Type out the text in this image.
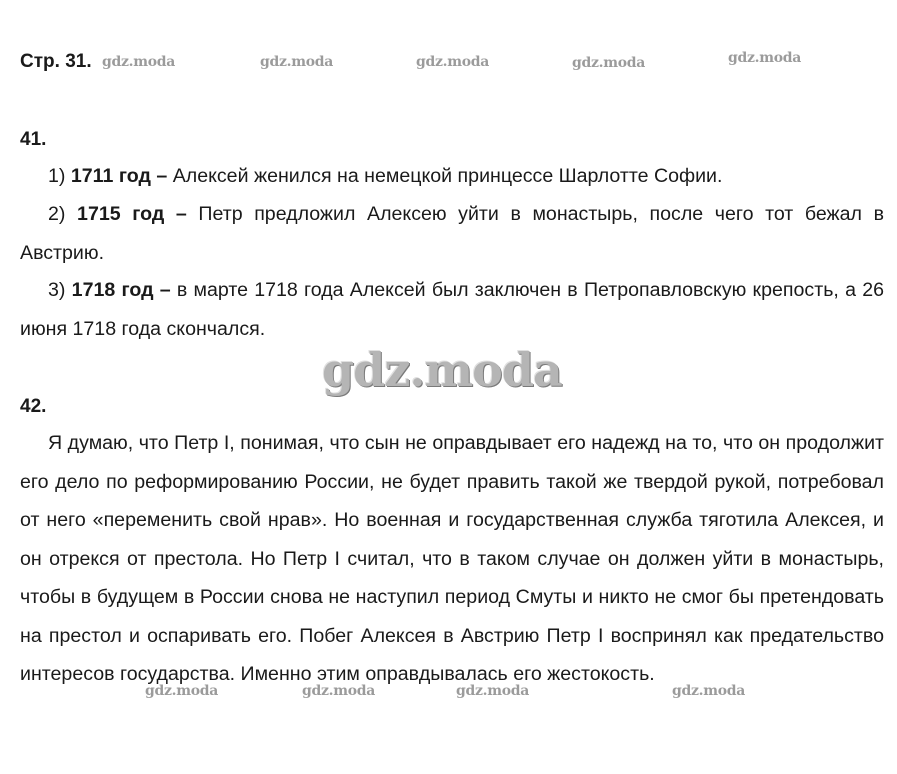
Стр. 31. gdz.moda	gdz.moda	gdz.moda	gdz.moda	gdz.moda
41.
1) 1711 год – Алексей женился на немецкой принцессе Шарлотте Софии.
2) 1715 год – Петр предложил Алексею уйти в монастырь, после чего тот бежал в Австрию.
3) 1718 год – в марте 1718 года Алексей был заключен в Петропавловскую крепость, а 26 июня 1718 года скончался.
gdz.moda
42.
Я думаю, что Петр I, понимая, что сын не оправдывает его надежд на то, что он продолжит его дело по реформированию России, не будет править такой же твердой рукой, потребовал от него «переменить свой нрав». Но военная и государственная служба тяготила Алексея, и он отрекся от престола. Но Петр I считал, что в таком случае он должен уйти в монастырь, чтобы в будущем в России снова не наступил период Смуты и никто не смог бы претендовать на престол и оспаривать его. Побег Алексея в Австрию Петр I воспринял как предательство интересов государства. Именно этим оправдывалась его жестокость.
gdz.moda	gdz.moda	gdz.moda	gdz.moda
